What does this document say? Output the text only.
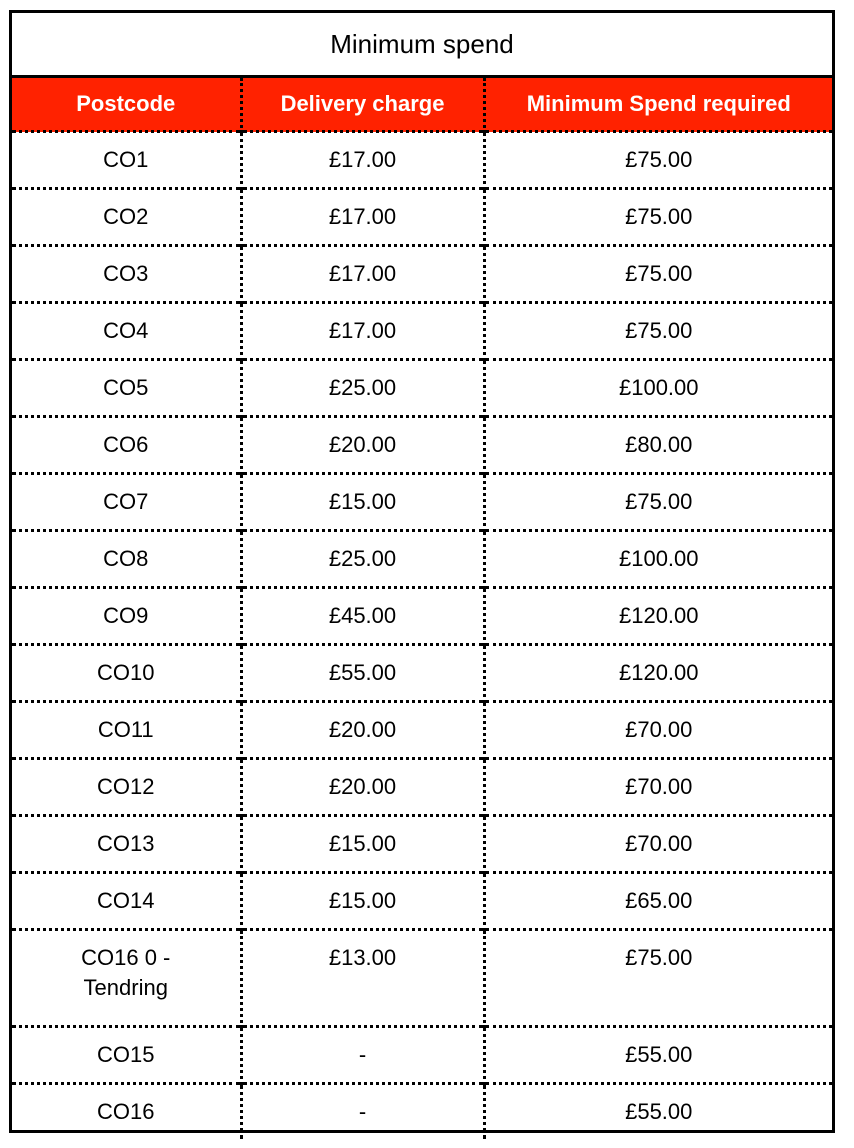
Minimum spend
Postcode	Delivery charge	Minimum Spend required
CO1	£17.00	£75.00
CO2	£17.00	£75.00
CO3	£17.00	£75.00
CO4	£17.00	£75.00
CO5	£25.00	£100.00
CO6	£20.00	£80.00
CO7	£15.00	£75.00
CO8	£25.00	£100.00
CO9	£45.00	£120.00
CO10	£55.00	£120.00
CO11	£20.00	£70.00
CO12	£20.00	£70.00
CO13	£15.00	£70.00
CO14	£15.00	£65.00
CO16 0 -
Tendring	£13.00	£75.00
CO15	-	£55.00
CO16	-	£55.00
